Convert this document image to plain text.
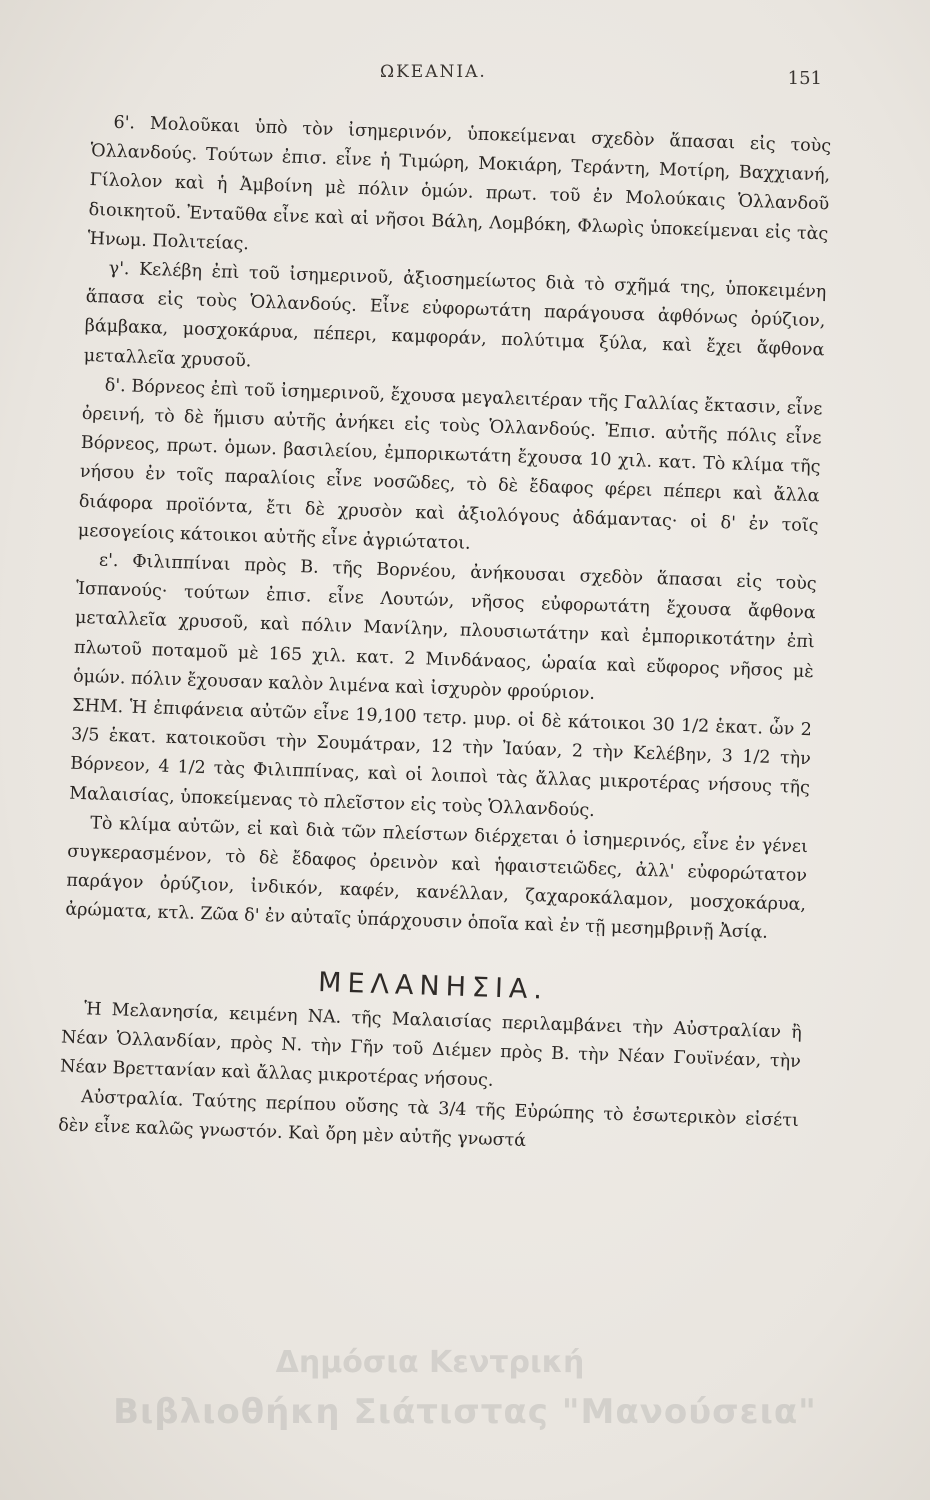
ΩΚΕΑΝΙΑ.	151

6'. Μολοῦκαι ὑπὸ τὸν ἰσημερινόν, ὑποκείμεναι σχεδὸν ἅπασαι εἰς τοὺς Ὁλλανδούς. Τούτων ἐπισ. εἶνε ἡ Τιμώρη, Μοκιάρη, Τεράντη, Μοτίρη, Βαχχιανή, Γίλολον καὶ ἡ Ἀμβοίνη μὲ πόλιν ὁμών. πρωτ. τοῦ ἐν Μολούκαις Ὁλλανδοῦ διοικητοῦ. Ἐνταῦθα εἶνε καὶ αἱ νῆσοι Βάλη, Λομβόκη, Φλωρὶς ὑποκείμεναι εἰς τὰς Ἡνωμ. Πολιτείας.

γ'. Κελέβη ἐπὶ τοῦ ἰσημερινοῦ, ἀξιοσημείωτος διὰ τὸ σχῆμά της, ὑποκειμένη ἅπασα εἰς τοὺς Ὁλλανδούς. Εἶνε εὐφορωτάτη παράγουσα ἀφθόνως ὀρύζιον, βάμβακα, μοσχοκάρυα, πέπερι, καμφοράν, πολύτιμα ξύλα, καὶ ἔχει ἄφθονα μεταλλεῖα χρυσοῦ.

δ'. Βόρνεος ἐπὶ τοῦ ἰσημερινοῦ, ἔχουσα μεγαλειτέραν τῆς Γαλλίας ἔκτασιν, εἶνε ὀρεινή, τὸ δὲ ἥμισυ αὐτῆς ἀνήκει εἰς τοὺς Ὁλλανδούς. Ἐπισ. αὐτῆς πόλις εἶνε Βόρνεος, πρωτ. ὁμων. βασιλείου, ἐμπορικωτάτη ἔχουσα 10 χιλ. κατ. Τὸ κλίμα τῆς νήσου ἐν τοῖς παραλίοις εἶνε νοσῶδες, τὸ δὲ ἔδαφος φέρει πέπερι καὶ ἄλλα διάφορα προϊόντα, ἔτι δὲ χρυσὸν καὶ ἀξιολόγους ἀδάμαντας· οἱ δ' ἐν τοῖς μεσογείοις κάτοικοι αὐτῆς εἶνε ἀγριώτατοι.

ε'. Φιλιππίναι πρὸς Β. τῆς Βορνέου, ἀνήκουσαι σχεδὸν ἅπασαι εἰς τοὺς Ἱσπανούς· τούτων ἐπισ. εἶνε Λουτών, νῆσος εὐφορωτάτη ἔχουσα ἄφθονα μεταλλεῖα χρυσοῦ, καὶ πόλιν Μανίλην, πλουσιωτάτην καὶ ἐμπορικοτάτην ἐπὶ πλωτοῦ ποταμοῦ μὲ 165 χιλ. κατ. 2 Μινδάναος, ὡραία καὶ εὔφορος νῆσος μὲ ὁμών. πόλιν ἔχουσαν καλὸν λιμένα καὶ ἰσχυρὸν φρούριον.

ΣΗΜ. Ἡ ἐπιφάνεια αὐτῶν εἶνε 19,100 τετρ. μυρ. οἱ δὲ κάτοικοι 30 1/2 ἑκατ. ὧν 2 3/5 ἑκατ. κατοικοῦσι τὴν Σουμάτραν, 12 τὴν Ἰαύαν, 2 τὴν Κελέβην, 3 1/2 τὴν Βόρνεον, 4 1/2 τὰς Φιλιππίνας, καὶ οἱ λοιποὶ τὰς ἄλλας μικροτέρας νήσους τῆς Μαλαισίας, ὑποκείμενας τὸ πλεῖστον εἰς τοὺς Ὁλλανδούς.

Τὸ κλίμα αὐτῶν, εἰ καὶ διὰ τῶν πλείστων διέρχεται ὁ ἰσημερινός, εἶνε ἐν γένει συγκερασμένον, τὸ δὲ ἔδαφος ὀρεινὸν καὶ ἡφαιστειῶδες, ἀλλ' εὐφορώτατον παράγον ὀρύζιον, ἰνδικόν, καφέν, κανέλλαν, ζαχαροκάλαμον, μοσχοκάρυα, ἀρώματα, κτλ. Ζῶα δ' ἐν αὐταῖς ὑπάρχουσιν ὁποῖα καὶ ἐν τῇ μεσημβρινῇ Ἀσίᾳ.

ΜΕΛΑΝΗΣΙΑ.

Ἡ Μελανησία, κειμένη ΝΑ. τῆς Μαλαισίας περιλαμβάνει τὴν Αὐστραλίαν ἢ Νέαν Ὁλλανδίαν, πρὸς Ν. τὴν Γῆν τοῦ Διέμεν πρὸς Β. τὴν Νέαν Γουϊνέαν, τὴν Νέαν Βρεττανίαν καὶ ἄλλας μικροτέρας νήσους.

Αὐστραλία. Ταύτης περίπου οὔσης τὰ 3/4 τῆς Εὐρώπης τὸ ἐσωτερικὸν εἰσέτι δὲν εἶνε καλῶς γνωστόν. Καὶ ὄρη μὲν αὐτῆς γνωστά

Δημόσια Κεντρική
Βιβλιοθήκη Σιάτιστας "Μανούσεια"
